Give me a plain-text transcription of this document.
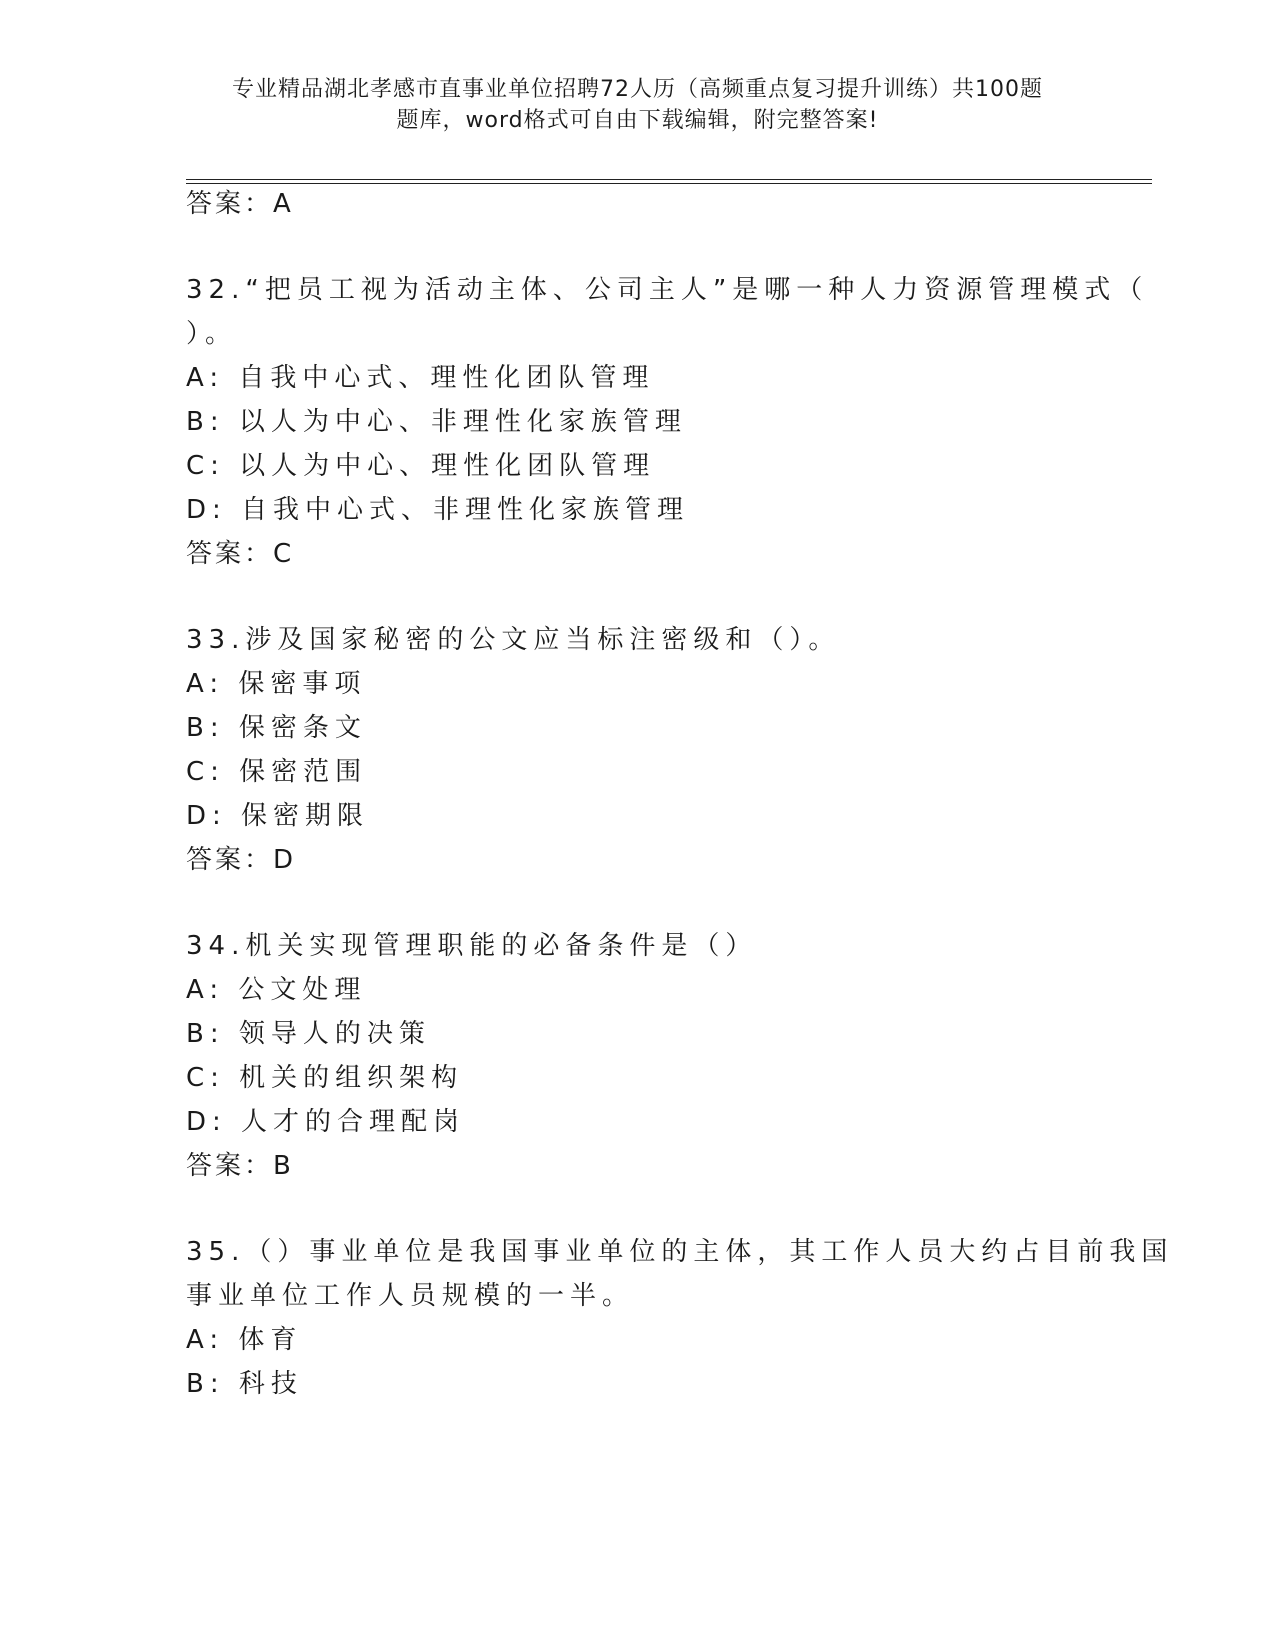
专业精品湖北孝感市直事业单位招聘72人历（高频重点复习提升训练）共100题
题库，word格式可自由下载编辑，附完整答案!
答案：A
32.“把员工视为活动主体、公司主人”是哪一种人力资源管理模式（
）。
A: 自我中心式、理性化团队管理
B: 以人为中心、非理性化家族管理
C: 以人为中心、理性化团队管理
D: 自我中心式、非理性化家族管理
答案：C
33.涉及国家秘密的公文应当标注密级和（）。
A: 保密事项
B: 保密条文
C: 保密范围
D: 保密期限
答案：D
34.机关实现管理职能的必备条件是（）
A: 公文处理
B: 领导人的决策
C: 机关的组织架构
D: 人才的合理配岗
答案：B
35.（）事业单位是我国事业单位的主体，其工作人员大约占目前我国
事业单位工作人员规模的一半。
A: 体育
B: 科技
